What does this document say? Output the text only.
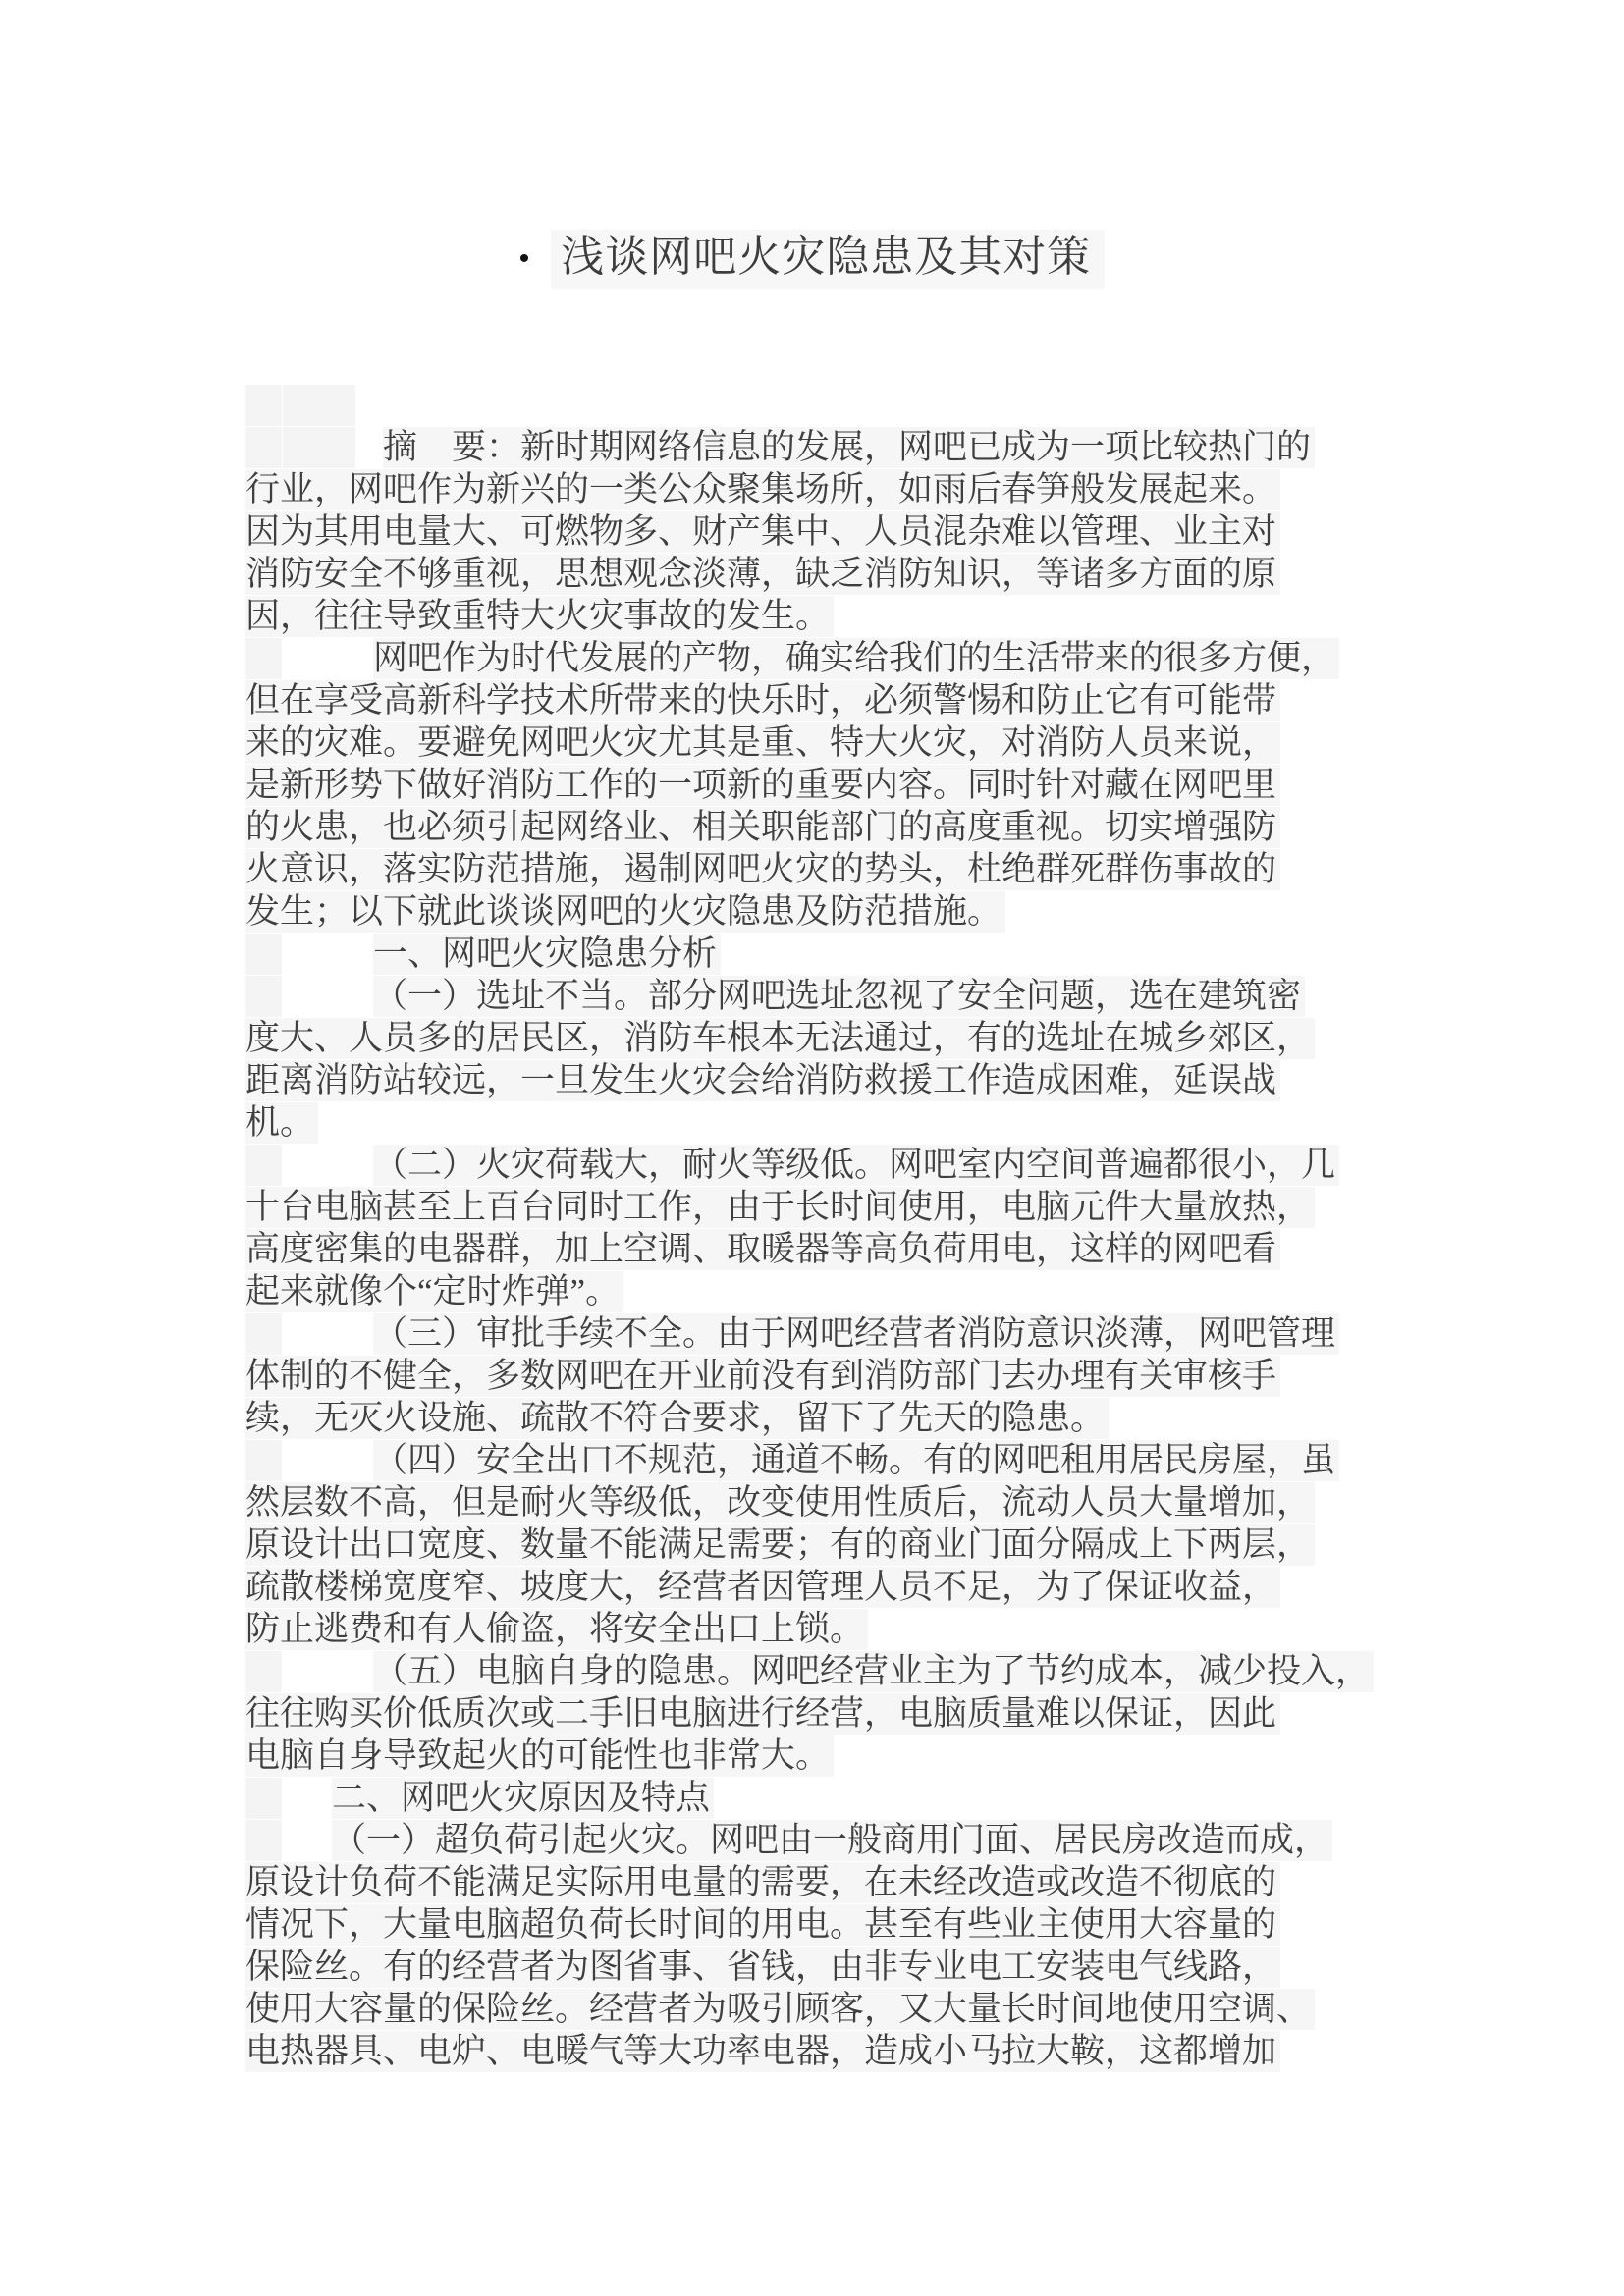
• 浅谈网吧火灾隐患及其对策
摘　要：新时期网络信息的发展，网吧已成为一项比较热门的
行业，网吧作为新兴的一类公众聚集场所，如雨后春笋般发展起来。
因为其用电量大、可燃物多、财产集中、人员混杂难以管理、业主对
消防安全不够重视，思想观念淡薄，缺乏消防知识，等诸多方面的原
因，往往导致重特大火灾事故的发生。
网吧作为时代发展的产物，确实给我们的生活带来的很多方便，
但在享受高新科学技术所带来的快乐时，必须警惕和防止它有可能带
来的灾难。要避免网吧火灾尤其是重、特大火灾，对消防人员来说，
是新形势下做好消防工作的一项新的重要内容。同时针对藏在网吧里
的火患，也必须引起网络业、相关职能部门的高度重视。切实增强防
火意识，落实防范措施，遏制网吧火灾的势头，杜绝群死群伤事故的
发生；以下就此谈谈网吧的火灾隐患及防范措施。
一、网吧火灾隐患分析
（一）选址不当。部分网吧选址忽视了安全问题，选在建筑密
度大、人员多的居民区，消防车根本无法通过，有的选址在城乡郊区，
距离消防站较远，一旦发生火灾会给消防救援工作造成困难，延误战
机。
（二）火灾荷载大，耐火等级低。网吧室内空间普遍都很小，几
十台电脑甚至上百台同时工作，由于长时间使用，电脑元件大量放热，
高度密集的电器群，加上空调、取暖器等高负荷用电，这样的网吧看
起来就像个“定时炸弹”。
（三）审批手续不全。由于网吧经营者消防意识淡薄，网吧管理
体制的不健全，多数网吧在开业前没有到消防部门去办理有关审核手
续，无灭火设施、疏散不符合要求，留下了先天的隐患。
（四）安全出口不规范，通道不畅。有的网吧租用居民房屋，虽
然层数不高，但是耐火等级低，改变使用性质后，流动人员大量增加，
原设计出口宽度、数量不能满足需要；有的商业门面分隔成上下两层，
疏散楼梯宽度窄、坡度大，经营者因管理人员不足，为了保证收益，
防止逃费和有人偷盗，将安全出口上锁。
（五）电脑自身的隐患。网吧经营业主为了节约成本，减少投入，
往往购买价低质次或二手旧电脑进行经营，电脑质量难以保证，因此
电脑自身导致起火的可能性也非常大。
二、网吧火灾原因及特点
（一）超负荷引起火灾。网吧由一般商用门面、居民房改造而成，
原设计负荷不能满足实际用电量的需要，在未经改造或改造不彻底的
情况下，大量电脑超负荷长时间的用电。甚至有些业主使用大容量的
保险丝。有的经营者为图省事、省钱，由非专业电工安装电气线路，
使用大容量的保险丝。经营者为吸引顾客，又大量长时间地使用空调、
电热器具、电炉、电暖气等大功率电器，造成小马拉大鞍，这都增加
